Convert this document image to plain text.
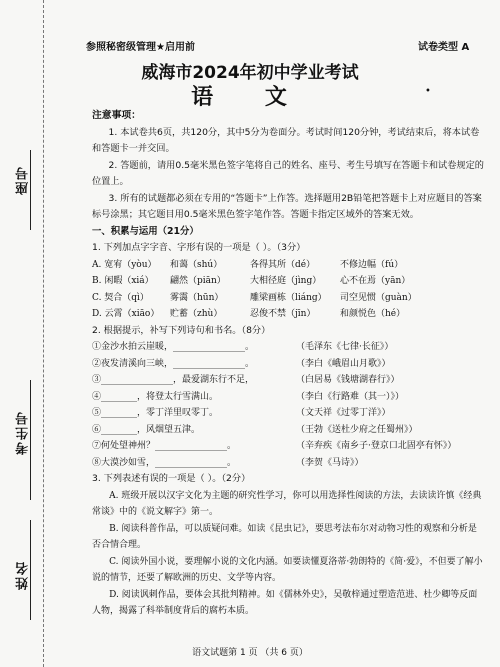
座号
考生号
姓名
参照秘密级管理★启用前	试卷类型 A
威海市2024年初中学业考试
语 文	•

注意事项：

1. 本试卷共6页，共120分，其中5分为卷面分。考试时间120分钟，考试结束后，将本试卷和答题卡一并交回。

2. 答题前，请用0.5毫米黑色签字笔将自己的姓名、座号、考生号填写在答题卡和试卷规定的位置上。

3. 所有的试题都必须在专用的“答题卡”上作答。选择题用2B铅笔把答题卡上对应题目的答案标号涂黑；其它题目用0.5毫米黑色签字笔作答。答题卡指定区域外的答案无效。

一、积累与运用（21分）

1. 下列加点字字音、字形有误的一项是（ ）。（3分）

A. 宽宥（yòu）	和蔼（shú）	各得其所（dé）	不修边幅（fú）
B. 闲暇（xiá）	翩然（piān）	大相径庭（jìng）	心不在焉（yān）
C. 契合（qì）	雾霭（hūn）	雕梁画栋（liáng）	司空见惯（guàn）
D. 云霄（xiāo）	贮蓄（zhù）	忍俊不禁（jīn）	和颜悦色（hé）

2. 根据提示，补写下列诗句和书名。（8分）

①金沙水拍云崖暖，________________。	（毛泽东《七律·长征》）
②夜发清溪向三峡，________________。	（李白《峨眉山月歌》）
③________________，最爱湖东行不足，	（白居易《钱塘湖春行》）
④________，将登太行雪满山。	（李白《行路难（其一）》）
⑤________，零丁洋里叹零丁。	（文天祥《过零丁洋》）
⑥________，风烟望五津。	（王勃《送杜少府之任蜀州》）
⑦何处望神州？________________。	（辛弃疾《南乡子·登京口北固亭有怀》）
⑧大漠沙如雪，________________。	（李贺《马诗》）

3. 下列表述有误的一项是（ ）。（2分）

A. 班级开展以汉字文化为主题的研究性学习，你可以用选择性阅读的方法，去读读许慎《经典常谈》中的《说文解字》第一。

B. 阅读科普作品，可以质疑问难。如读《昆虫记》，要思考法布尔对动物习性的观察和分析是否合情合理。

C. 阅读外国小说，要理解小说的文化内涵。如要读懂夏洛蒂·勃朗特的《简·爱》，不但要了解小说的情节，还要了解欧洲的历史、文学等内容。

D. 阅读讽刺作品，要体会其批判精神。如《儒林外史》，吴敬梓通过塑造范进、杜少卿等反面人物，揭露了科举制度背后的腐朽本质。

语文试题第 1 页 （共 6 页）
